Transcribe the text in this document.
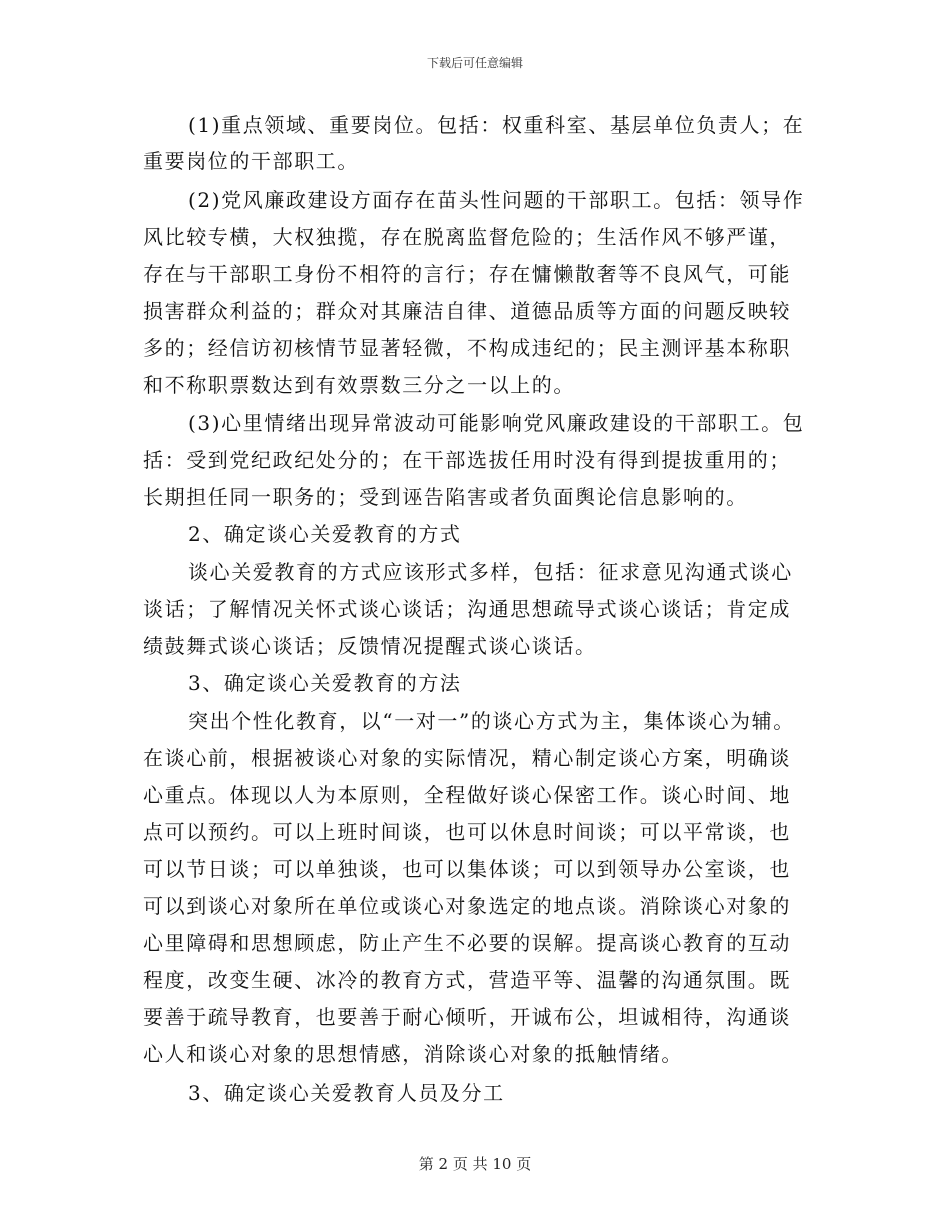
下载后可任意编辑
(1)重点领域、重要岗位。包括：权重科室、基层单位负责人；在
重要岗位的干部职工。
(2)党风廉政建设方面存在苗头性问题的干部职工。包括：领导作
风比较专横，大权独揽，存在脱离监督危险的；生活作风不够严谨，
存在与干部职工身份不相符的言行；存在慵懒散奢等不良风气，可能
损害群众利益的；群众对其廉洁自律、道德品质等方面的问题反映较
多的；经信访初核情节显著轻微，不构成违纪的；民主测评基本称职
和不称职票数达到有效票数三分之一以上的。
(3)心里情绪出现异常波动可能影响党风廉政建设的干部职工。包
括：受到党纪政纪处分的；在干部选拔任用时没有得到提拔重用的；
长期担任同一职务的；受到诬告陷害或者负面舆论信息影响的。
2、确定谈心关爱教育的方式
谈心关爱教育的方式应该形式多样，包括：征求意见沟通式谈心
谈话；了解情况关怀式谈心谈话；沟通思想疏导式谈心谈话；肯定成
绩鼓舞式谈心谈话；反馈情况提醒式谈心谈话。
3、确定谈心关爱教育的方法
突出个性化教育，以“一对一”的谈心方式为主，集体谈心为辅。
在谈心前，根据被谈心对象的实际情况，精心制定谈心方案，明确谈
心重点。体现以人为本原则，全程做好谈心保密工作。谈心时间、地
点可以预约。可以上班时间谈，也可以休息时间谈；可以平常谈，也
可以节日谈；可以单独谈，也可以集体谈；可以到领导办公室谈，也
可以到谈心对象所在单位或谈心对象选定的地点谈。消除谈心对象的
心里障碍和思想顾虑，防止产生不必要的误解。提高谈心教育的互动
程度，改变生硬、冰冷的教育方式，营造平等、温馨的沟通氛围。既
要善于疏导教育，也要善于耐心倾听，开诚布公，坦诚相待，沟通谈
心人和谈心对象的思想情感，消除谈心对象的抵触情绪。
3、确定谈心关爱教育人员及分工
第 2 页 共 10 页
